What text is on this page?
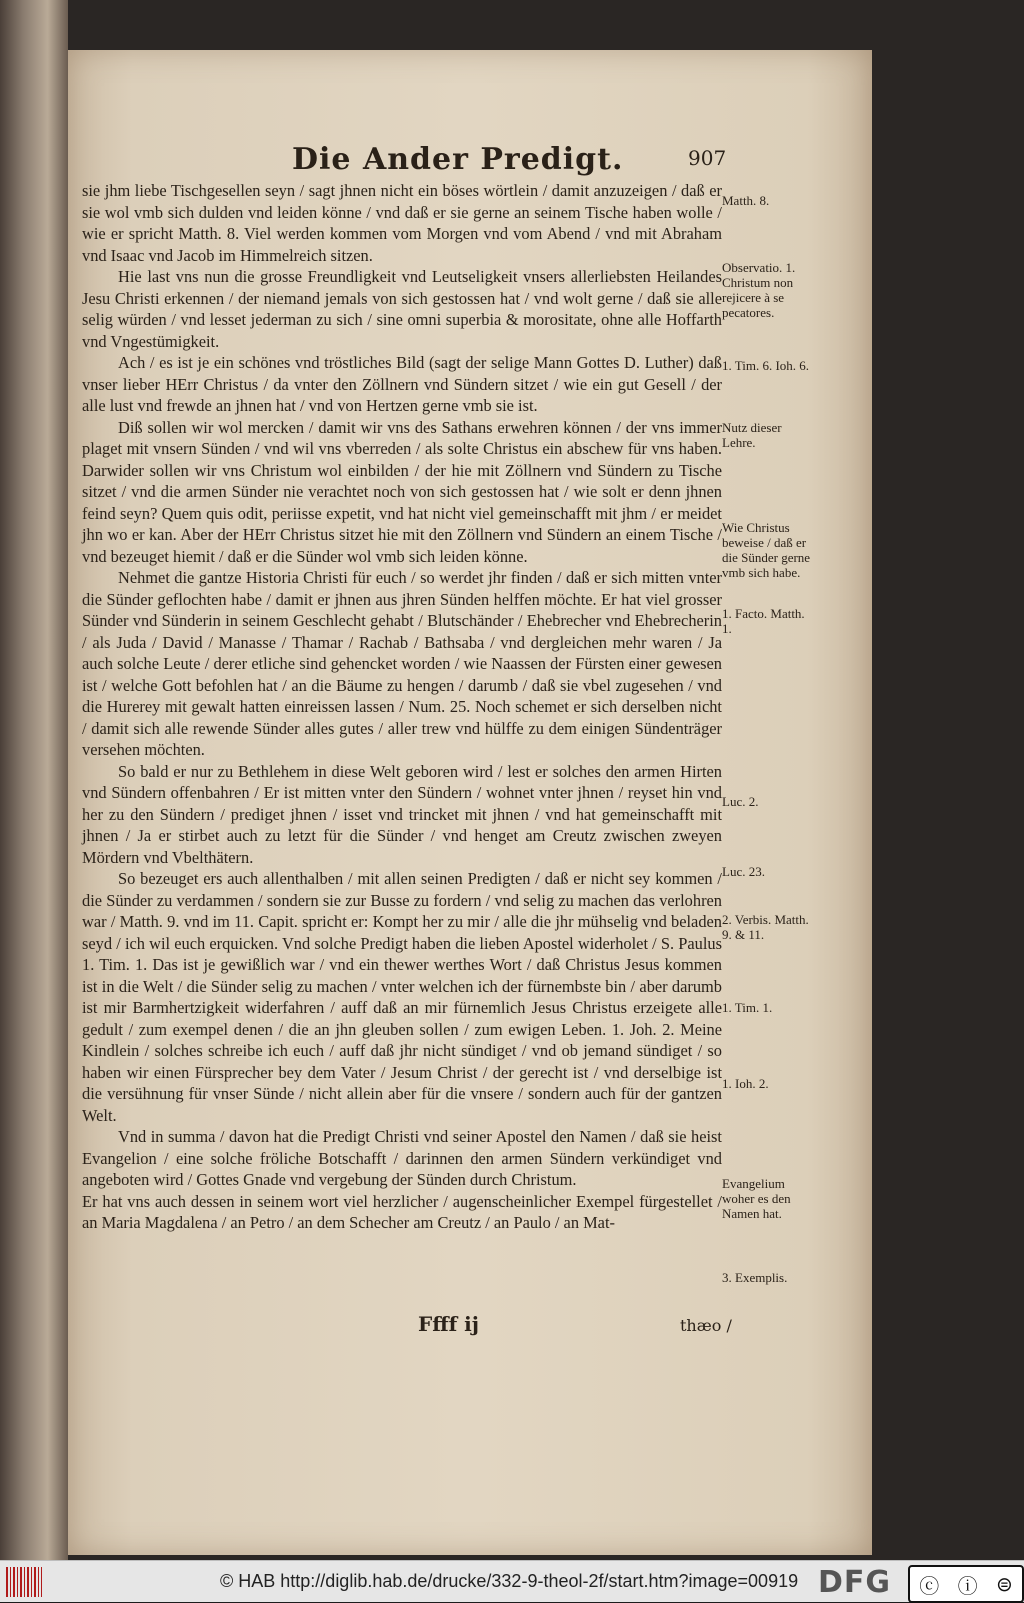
Die Ander Predigt.	907

sie jhm liebe Tischgesellen seyn / sagt jhnen nicht ein böses wörtlein / damit anzuzeigen / daß er sie wol vmb sich dulden vnd leiden könne / vnd daß er sie gerne an seinem Tische haben wolle / wie er spricht Matth. 8. Viel werden kommen vom Morgen vnd vom Abend / vnd mit Abraham vnd Isaac vnd Jacob im Himmelreich sitzen.

Hie last vns nun die grosse Freundligkeit vnd Leutseligkeit vnsers allerliebsten Heilandes Jesu Christi erkennen / der niemand jemals von sich gestossen hat / vnd wolt gerne / daß sie alle selig würden / vnd lesset jederman zu sich / sine omni superbia & morositate, ohne alle Hoffarth vnd Vngestümigkeit.

Ach / es ist je ein schönes vnd tröstliches Bild (sagt der selige Mann Gottes D. Luther) daß vnser lieber HErr Christus / da vnter den Zöllnern vnd Sündern sitzet / wie ein gut Gesell / der alle lust vnd frewde an jhnen hat / vnd von Hertzen gerne vmb sie ist.

Diß sollen wir wol mercken / damit wir vns des Sathans erwehren können / der vns immer plaget mit vnsern Sünden / vnd wil vns vberreden / als solte Christus ein abschew für vns haben. Darwider sollen wir vns Christum wol einbilden / der hie mit Zöllnern vnd Sündern zu Tische sitzet / vnd die armen Sünder nie verachtet noch von sich gestossen hat / wie solt er denn jhnen feind seyn? Quem quis odit, periisse expetit, vnd hat nicht viel gemeinschafft mit jhm / er meidet jhn wo er kan. Aber der HErr Christus sitzet hie mit den Zöllnern vnd Sündern an einem Tische / vnd bezeuget hiemit / daß er die Sünder wol vmb sich leiden könne.

Nehmet die gantze Historia Christi für euch / so werdet jhr finden / daß er sich mitten vnter die Sünder geflochten habe / damit er jhnen aus jhren Sünden helffen möchte. Er hat viel grosser Sünder vnd Sünderin in seinem Geschlecht gehabt / Blutschänder / Ehebrecher vnd Ehebrecherin / als Juda / David / Manasse / Thamar / Rachab / Bathsaba / vnd dergleichen mehr waren / Ja auch solche Leute / derer etliche sind gehencket worden / wie Naassen der Fürsten einer gewesen ist / welche Gott befohlen hat / an die Bäume zu hengen / darumb / daß sie vbel zugesehen / vnd die Hurerey mit gewalt hatten einreissen lassen / Num. 25. Noch schemet er sich derselben nicht / damit sich alle rewende Sünder alles gutes / aller trew vnd hülffe zu dem einigen Sündenträger versehen möchten.

So bald er nur zu Bethlehem in diese Welt geboren wird / lest er solches den armen Hirten vnd Sündern offenbahren / Er ist mitten vnter den Sündern / wohnet vnter jhnen / reyset hin vnd her zu den Sündern / prediget jhnen / isset vnd trincket mit jhnen / vnd hat gemeinschafft mit jhnen / Ja er stirbet auch zu letzt für die Sünder / vnd henget am Creutz zwischen zweyen Mördern vnd Vbelthätern.

So bezeuget ers auch allenthalben / mit allen seinen Predigten / daß er nicht sey kommen / die Sünder zu verdammen / sondern sie zur Busse zu fordern / vnd selig zu machen das verlohren war / Matth. 9. vnd im 11. Capit. spricht er: Kompt her zu mir / alle die jhr mühselig vnd beladen seyd / ich wil euch erquicken. Vnd solche Predigt haben die lieben Apostel widerholet / S. Paulus 1. Tim. 1. Das ist je gewißlich war / vnd ein thewer werthes Wort / daß Christus Jesus kommen ist in die Welt / die Sünder selig zu machen / vnter welchen ich der fürnembste bin / aber darumb ist mir Barmhertzigkeit widerfahren / auff daß an mir fürnemlich Jesus Christus erzeigete alle gedult / zum exempel denen / die an jhn gleuben sollen / zum ewigen Leben. 1. Joh. 2. Meine Kindlein / solches schreibe ich euch / auff daß jhr nicht sündiget / vnd ob jemand sündiget / so haben wir einen Fürsprecher bey dem Vater / Jesum Christ / der gerecht ist / vnd derselbige ist die versühnung für vnser Sünde / nicht allein aber für die vnsere / sondern auch für der gantzen Welt.

Vnd in summa / davon hat die Predigt Christi vnd seiner Apostel den Namen / daß sie heist Evangelion / eine solche fröliche Botschafft / darinnen den armen Sündern verkündiget vnd angeboten wird / Gottes Gnade vnd vergebung der Sünden durch Christum.

Er hat vns auch dessen in seinem wort viel herzlicher / augenscheinlicher Exempel fürgestellet / an Maria Magdalena / an Petro / an dem Schecher am Creutz / an Paulo / an Mat-

Matth. 8.
Observatio. 1. Christum non rejicere à se pecatores.
1. Tim. 6. Ioh. 6.
Nutz dieser Lehre.
Wie Christus beweise / daß er die Sünder gerne vmb sich habe.
1. Facto. Matth. 1.
Luc. 2.
Luc. 23.
2. Verbis. Matth. 9. & 11.
1. Tim. 1.
1. Ioh. 2.
Evangelium woher es den Namen hat.
3. Exemplis.
Ffff ij	thæo /
© HAB http://diglib.hab.de/drucke/332-9-theol-2f/start.htm?image=00919 DFG ⓒ ⓘ ⊜
